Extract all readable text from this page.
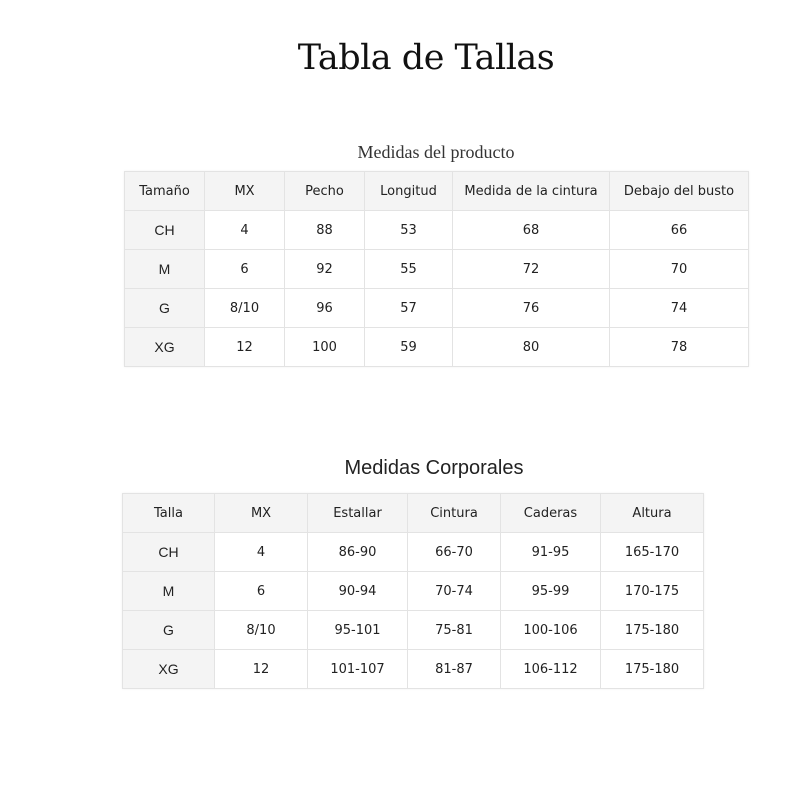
Tabla de Tallas
Medidas del producto
Tamaño	MX	Pecho	Longitud	Medida de la cintura	Debajo del busto
CH	4	88	53	68	66
M	6	92	55	72	70
G	8/10	96	57	76	74
XG	12	100	59	80	78
Medidas Corporales
Talla	MX	Estallar	Cintura	Caderas	Altura
CH	4	86-90	66-70	91-95	165-170
M	6	90-94	70-74	95-99	170-175
G	8/10	95-101	75-81	100-106	175-180
XG	12	101-107	81-87	106-112	175-180
